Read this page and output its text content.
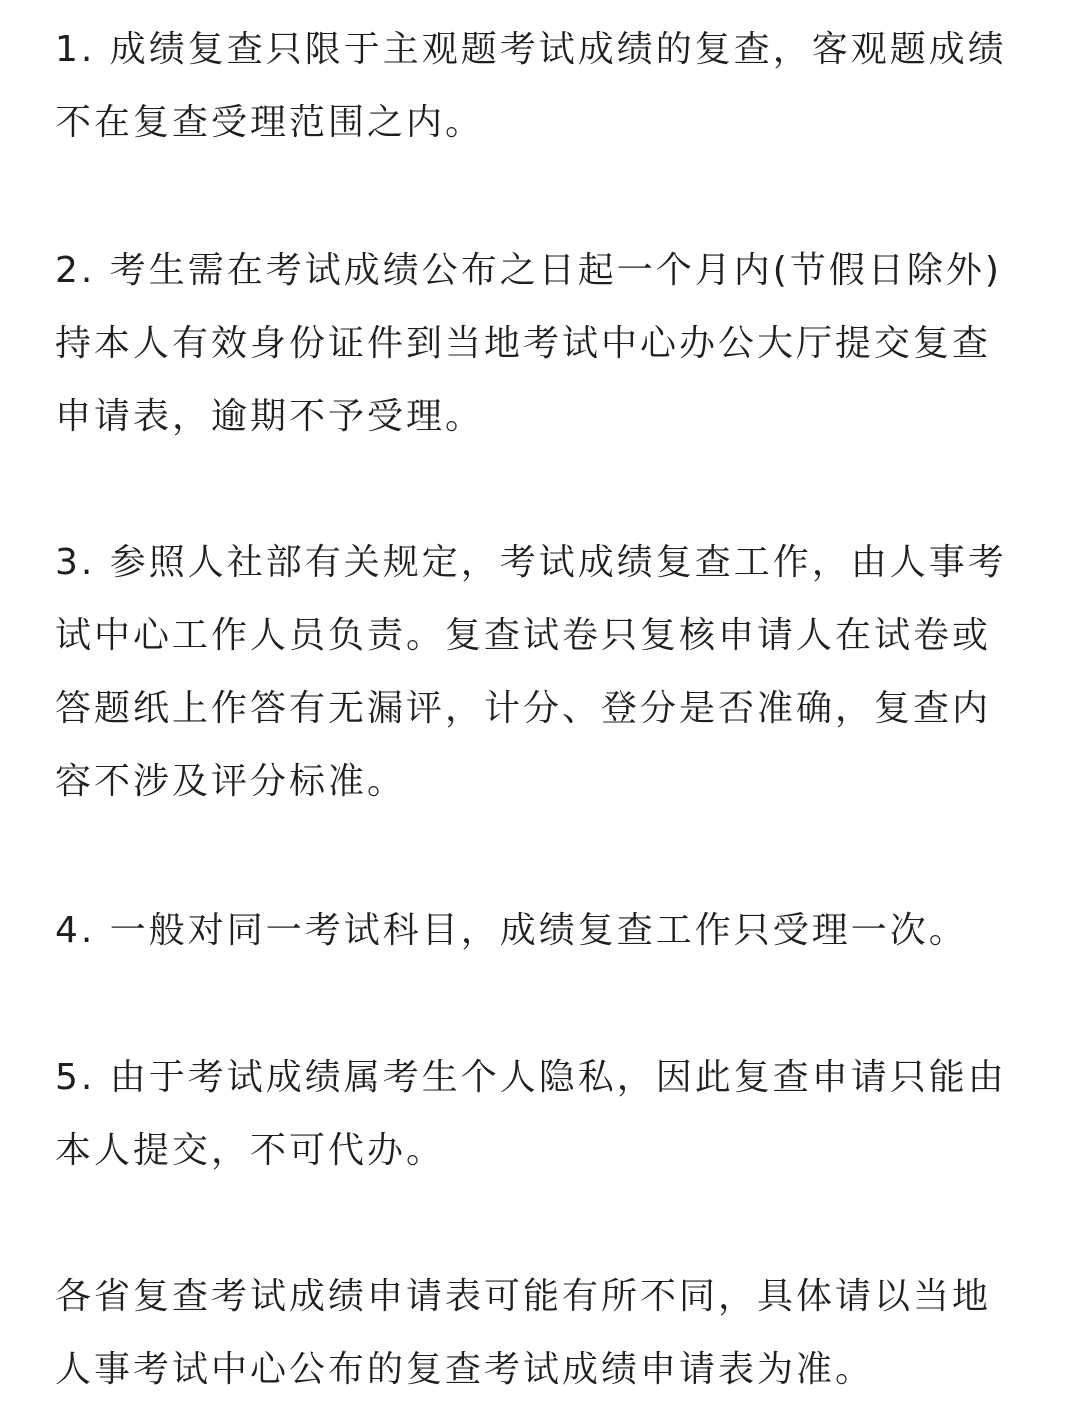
1. 成绩复查只限于主观题考试成绩的复查，客观题成绩
不在复查受理范围之内。
2. 考生需在考试成绩公布之日起一个月内(节假日除外)
持本人有效身份证件到当地考试中心办公大厅提交复查
申请表，逾期不予受理。
3. 参照人社部有关规定，考试成绩复查工作，由人事考
试中心工作人员负责。复查试卷只复核申请人在试卷或
答题纸上作答有无漏评，计分、登分是否准确，复查内
容不涉及评分标准。
4. 一般对同一考试科目，成绩复查工作只受理一次。
5. 由于考试成绩属考生个人隐私，因此复查申请只能由
本人提交，不可代办。
各省复查考试成绩申请表可能有所不同，具体请以当地
人事考试中心公布的复查考试成绩申请表为准。
